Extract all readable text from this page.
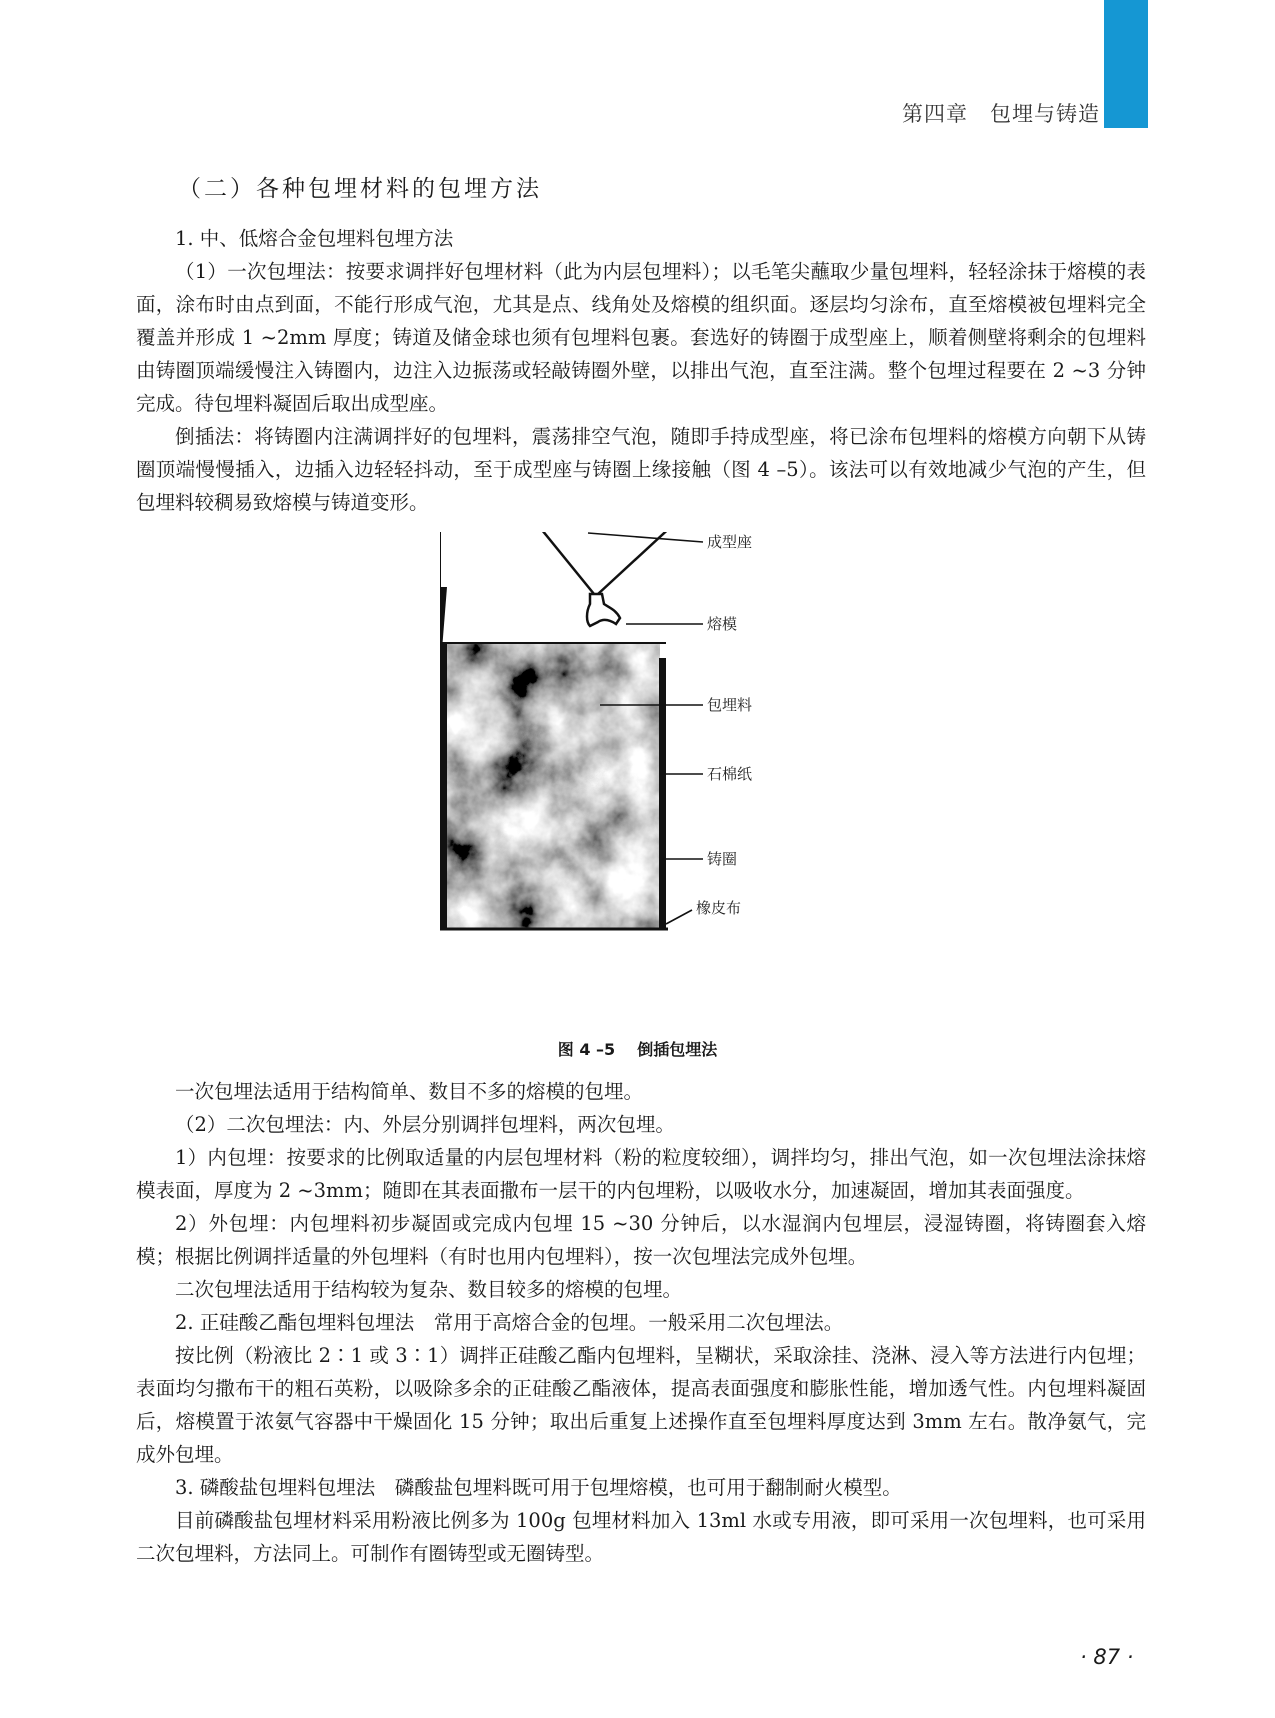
第四章 包埋与铸造
（二）各种包埋材料的包埋方法

1. 中、低熔合金包埋料包埋方法

（1）一次包埋法：按要求调拌好包埋材料（此为内层包埋料）；以毛笔尖蘸取少量包埋料，轻轻涂抹于熔模的表面，涂布时由点到面，不能行形成气泡，尤其是点、线角处及熔模的组织面。逐层均匀涂布，直至熔模被包埋料完全覆盖并形成 1 ~2mm 厚度；铸道及储金球也须有包埋料包裹。套选好的铸圈于成型座上，顺着侧壁将剩余的包埋料由铸圈顶端缓慢注入铸圈内，边注入边振荡或轻敲铸圈外壁，以排出气泡，直至注满。整个包埋过程要在 2 ~3 分钟完成。待包埋料凝固后取出成型座。

倒插法：将铸圈内注满调拌好的包埋料，震荡排空气泡，随即手持成型座，将已涂布包埋料的熔模方向朝下从铸圈顶端慢慢插入，边插入边轻轻抖动，至于成型座与铸圈上缘接触（图 4 –5）。该法可以有效地减少气泡的产生，但包埋料较稠易致熔模与铸道变形。

成型座
熔模
包埋料
石棉纸
铸圈
橡皮布
图 4 –5 倒插包埋法

一次包埋法适用于结构简单、数目不多的熔模的包埋。

（2）二次包埋法：内、外层分别调拌包埋料，两次包埋。

1）内包埋：按要求的比例取适量的内层包埋材料（粉的粒度较细），调拌均匀，排出气泡，如一次包埋法涂抹熔模表面，厚度为 2 ~3mm；随即在其表面撒布一层干的内包埋粉，以吸收水分，加速凝固，增加其表面强度。

2）外包埋：内包埋料初步凝固或完成内包埋 15 ~30 分钟后，以水湿润内包埋层，浸湿铸圈，将铸圈套入熔模；根据比例调拌适量的外包埋料（有时也用内包埋料），按一次包埋法完成外包埋。

二次包埋法适用于结构较为复杂、数目较多的熔模的包埋。

2. 正硅酸乙酯包埋料包埋法　常用于高熔合金的包埋。一般采用二次包埋法。

按比例（粉液比 2∶1 或 3∶1）调拌正硅酸乙酯内包埋料，呈糊状，采取涂挂、浇淋、浸入等方法进行内包埋；表面均匀撒布干的粗石英粉，以吸除多余的正硅酸乙酯液体，提高表面强度和膨胀性能，增加透气性。内包埋料凝固后，熔模置于浓氨气容器中干燥固化 15 分钟；取出后重复上述操作直至包埋料厚度达到 3mm 左右。散净氨气，完成外包埋。

3. 磷酸盐包埋料包埋法　磷酸盐包埋料既可用于包埋熔模，也可用于翻制耐火模型。

目前磷酸盐包埋材料采用粉液比例多为 100g 包埋材料加入 13ml 水或专用液，即可采用一次包埋料，也可采用二次包埋料，方法同上。可制作有圈铸型或无圈铸型。

· 87 ·
